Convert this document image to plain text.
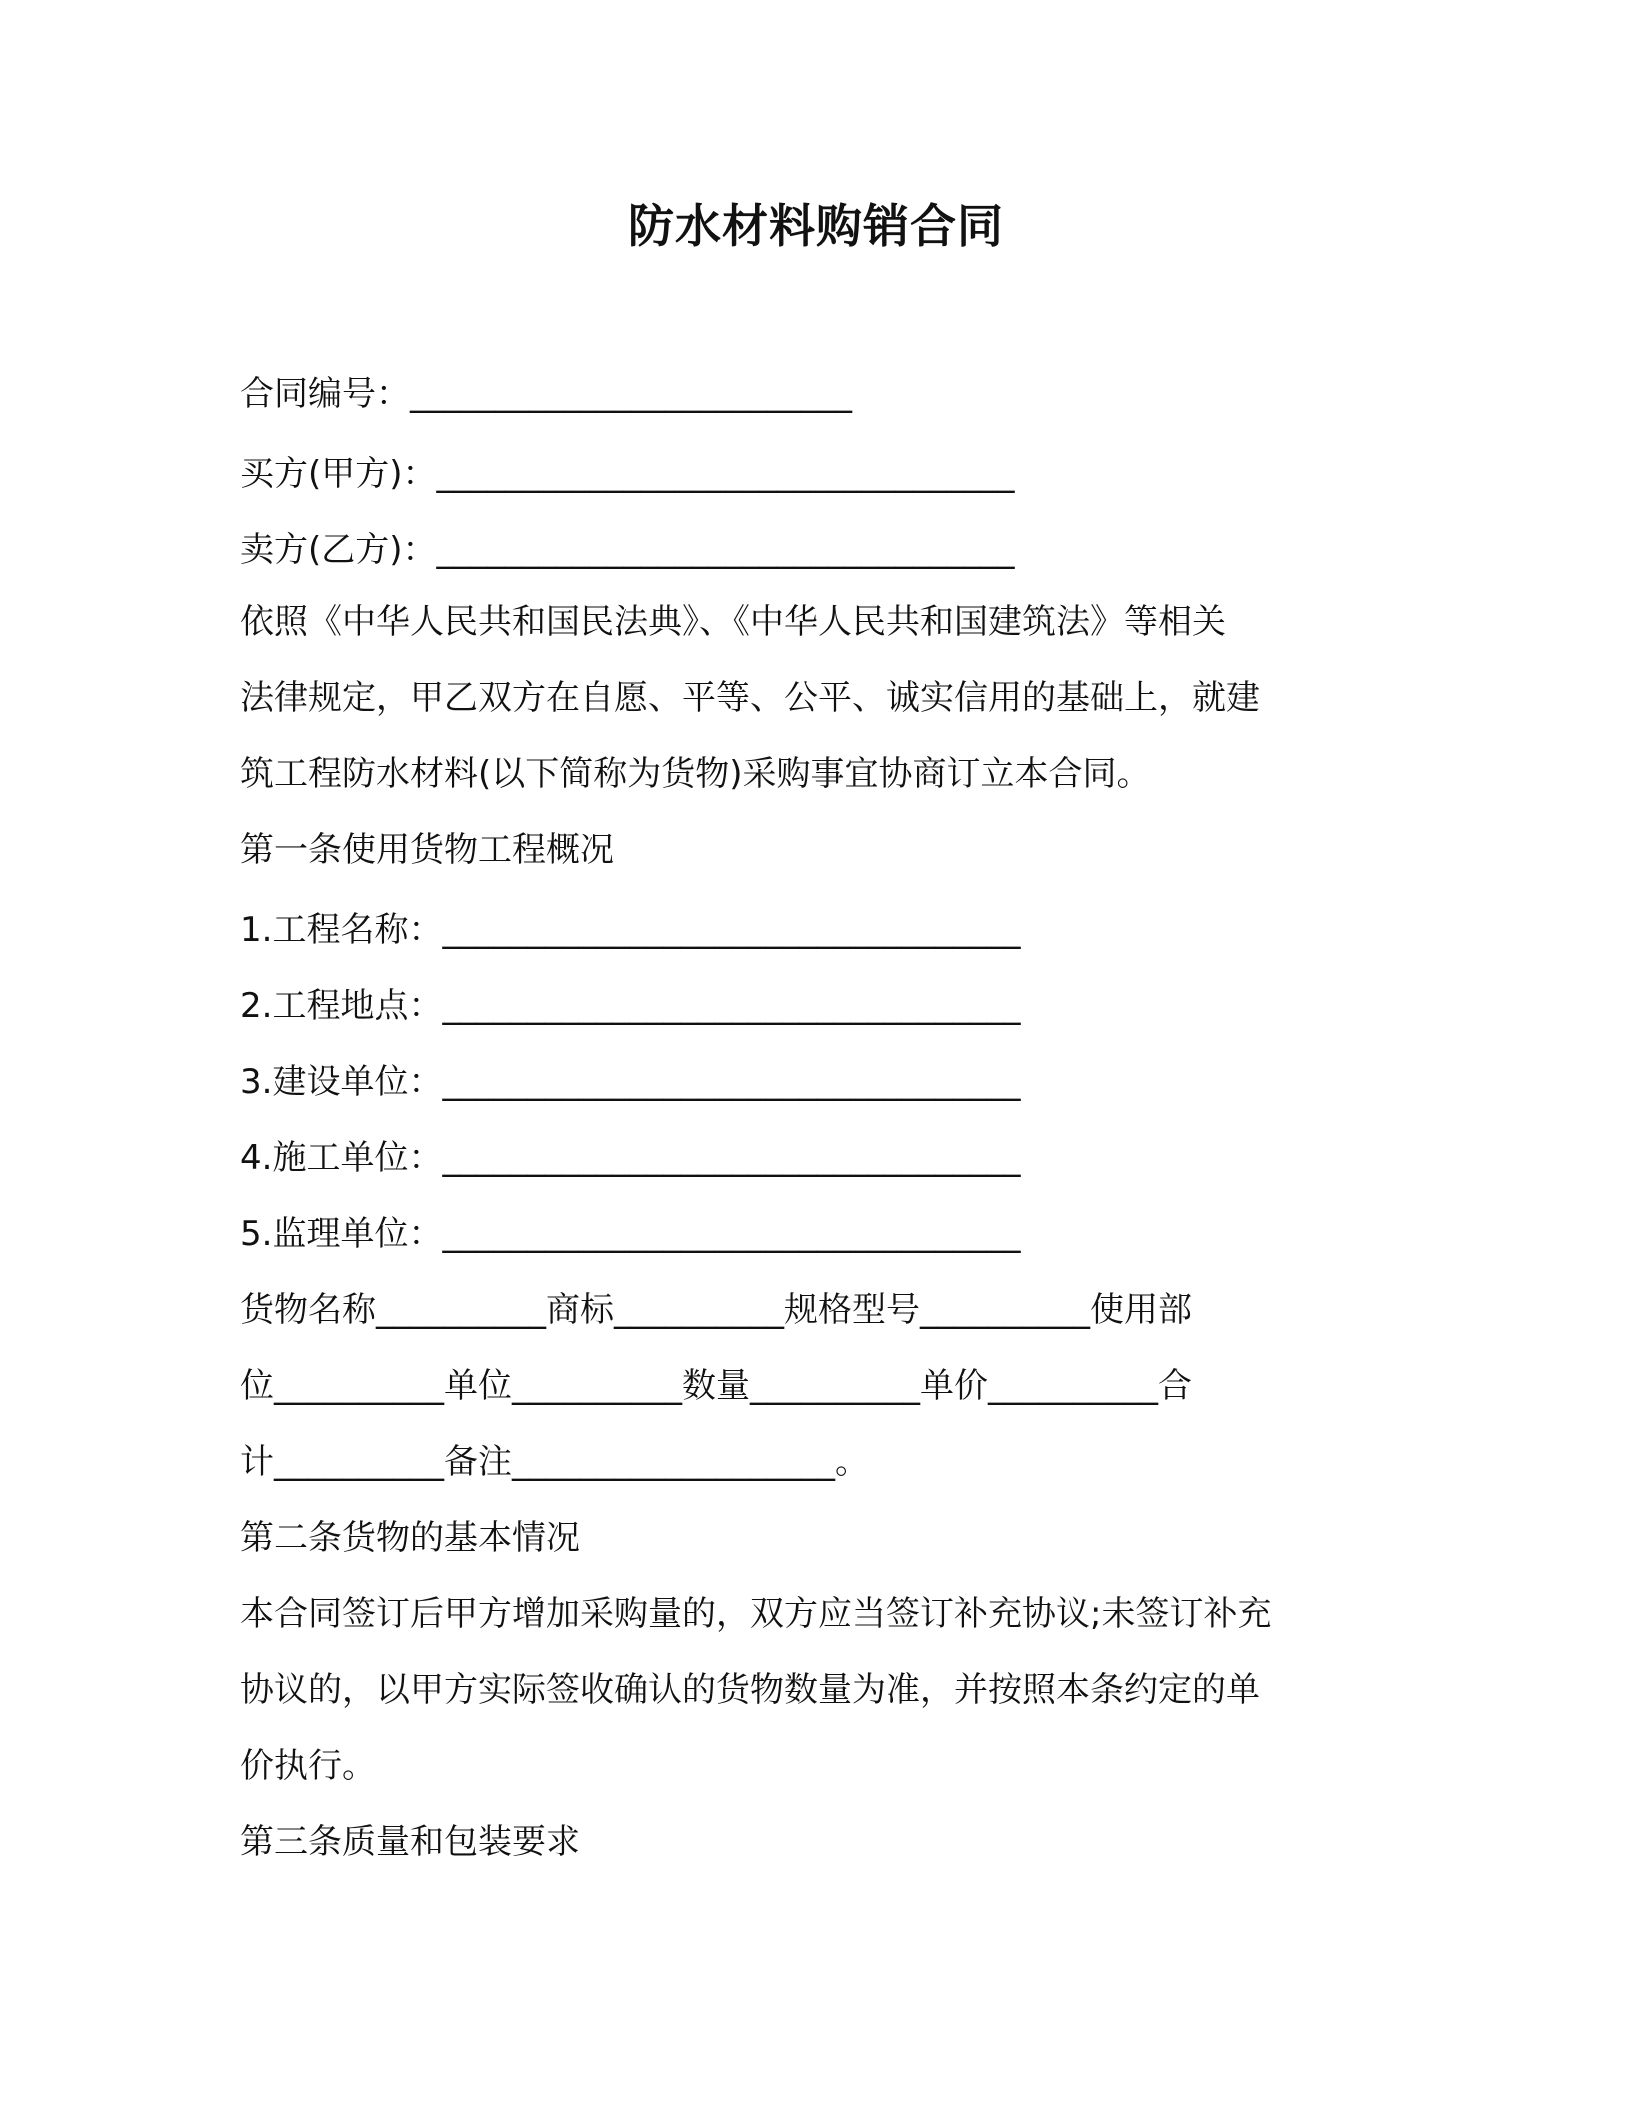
防水材料购销合同
合同编号：__________________________
买方(甲方)：__________________________________
卖方(乙方)：__________________________________
依照《中华人民共和国民法典》、《中华人民共和国建筑法》等相关
法律规定，甲乙双方在自愿、平等、公平、诚实信用的基础上，就建
筑工程防水材料(以下简称为货物)采购事宜协商订立本合同。
第一条使用货物工程概况
1.工程名称：__________________________________
2.工程地点：__________________________________
3.建设单位：__________________________________
4.施工单位：__________________________________
5.监理单位：__________________________________
货物名称__________商标__________规格型号__________使用部
位__________单位__________数量__________单价__________合
计__________备注___________________。
第二条货物的基本情况
本合同签订后甲方增加采购量的，双方应当签订补充协议;未签订补充
协议的，以甲方实际签收确认的货物数量为准，并按照本条约定的单
价执行。
第三条质量和包装要求
